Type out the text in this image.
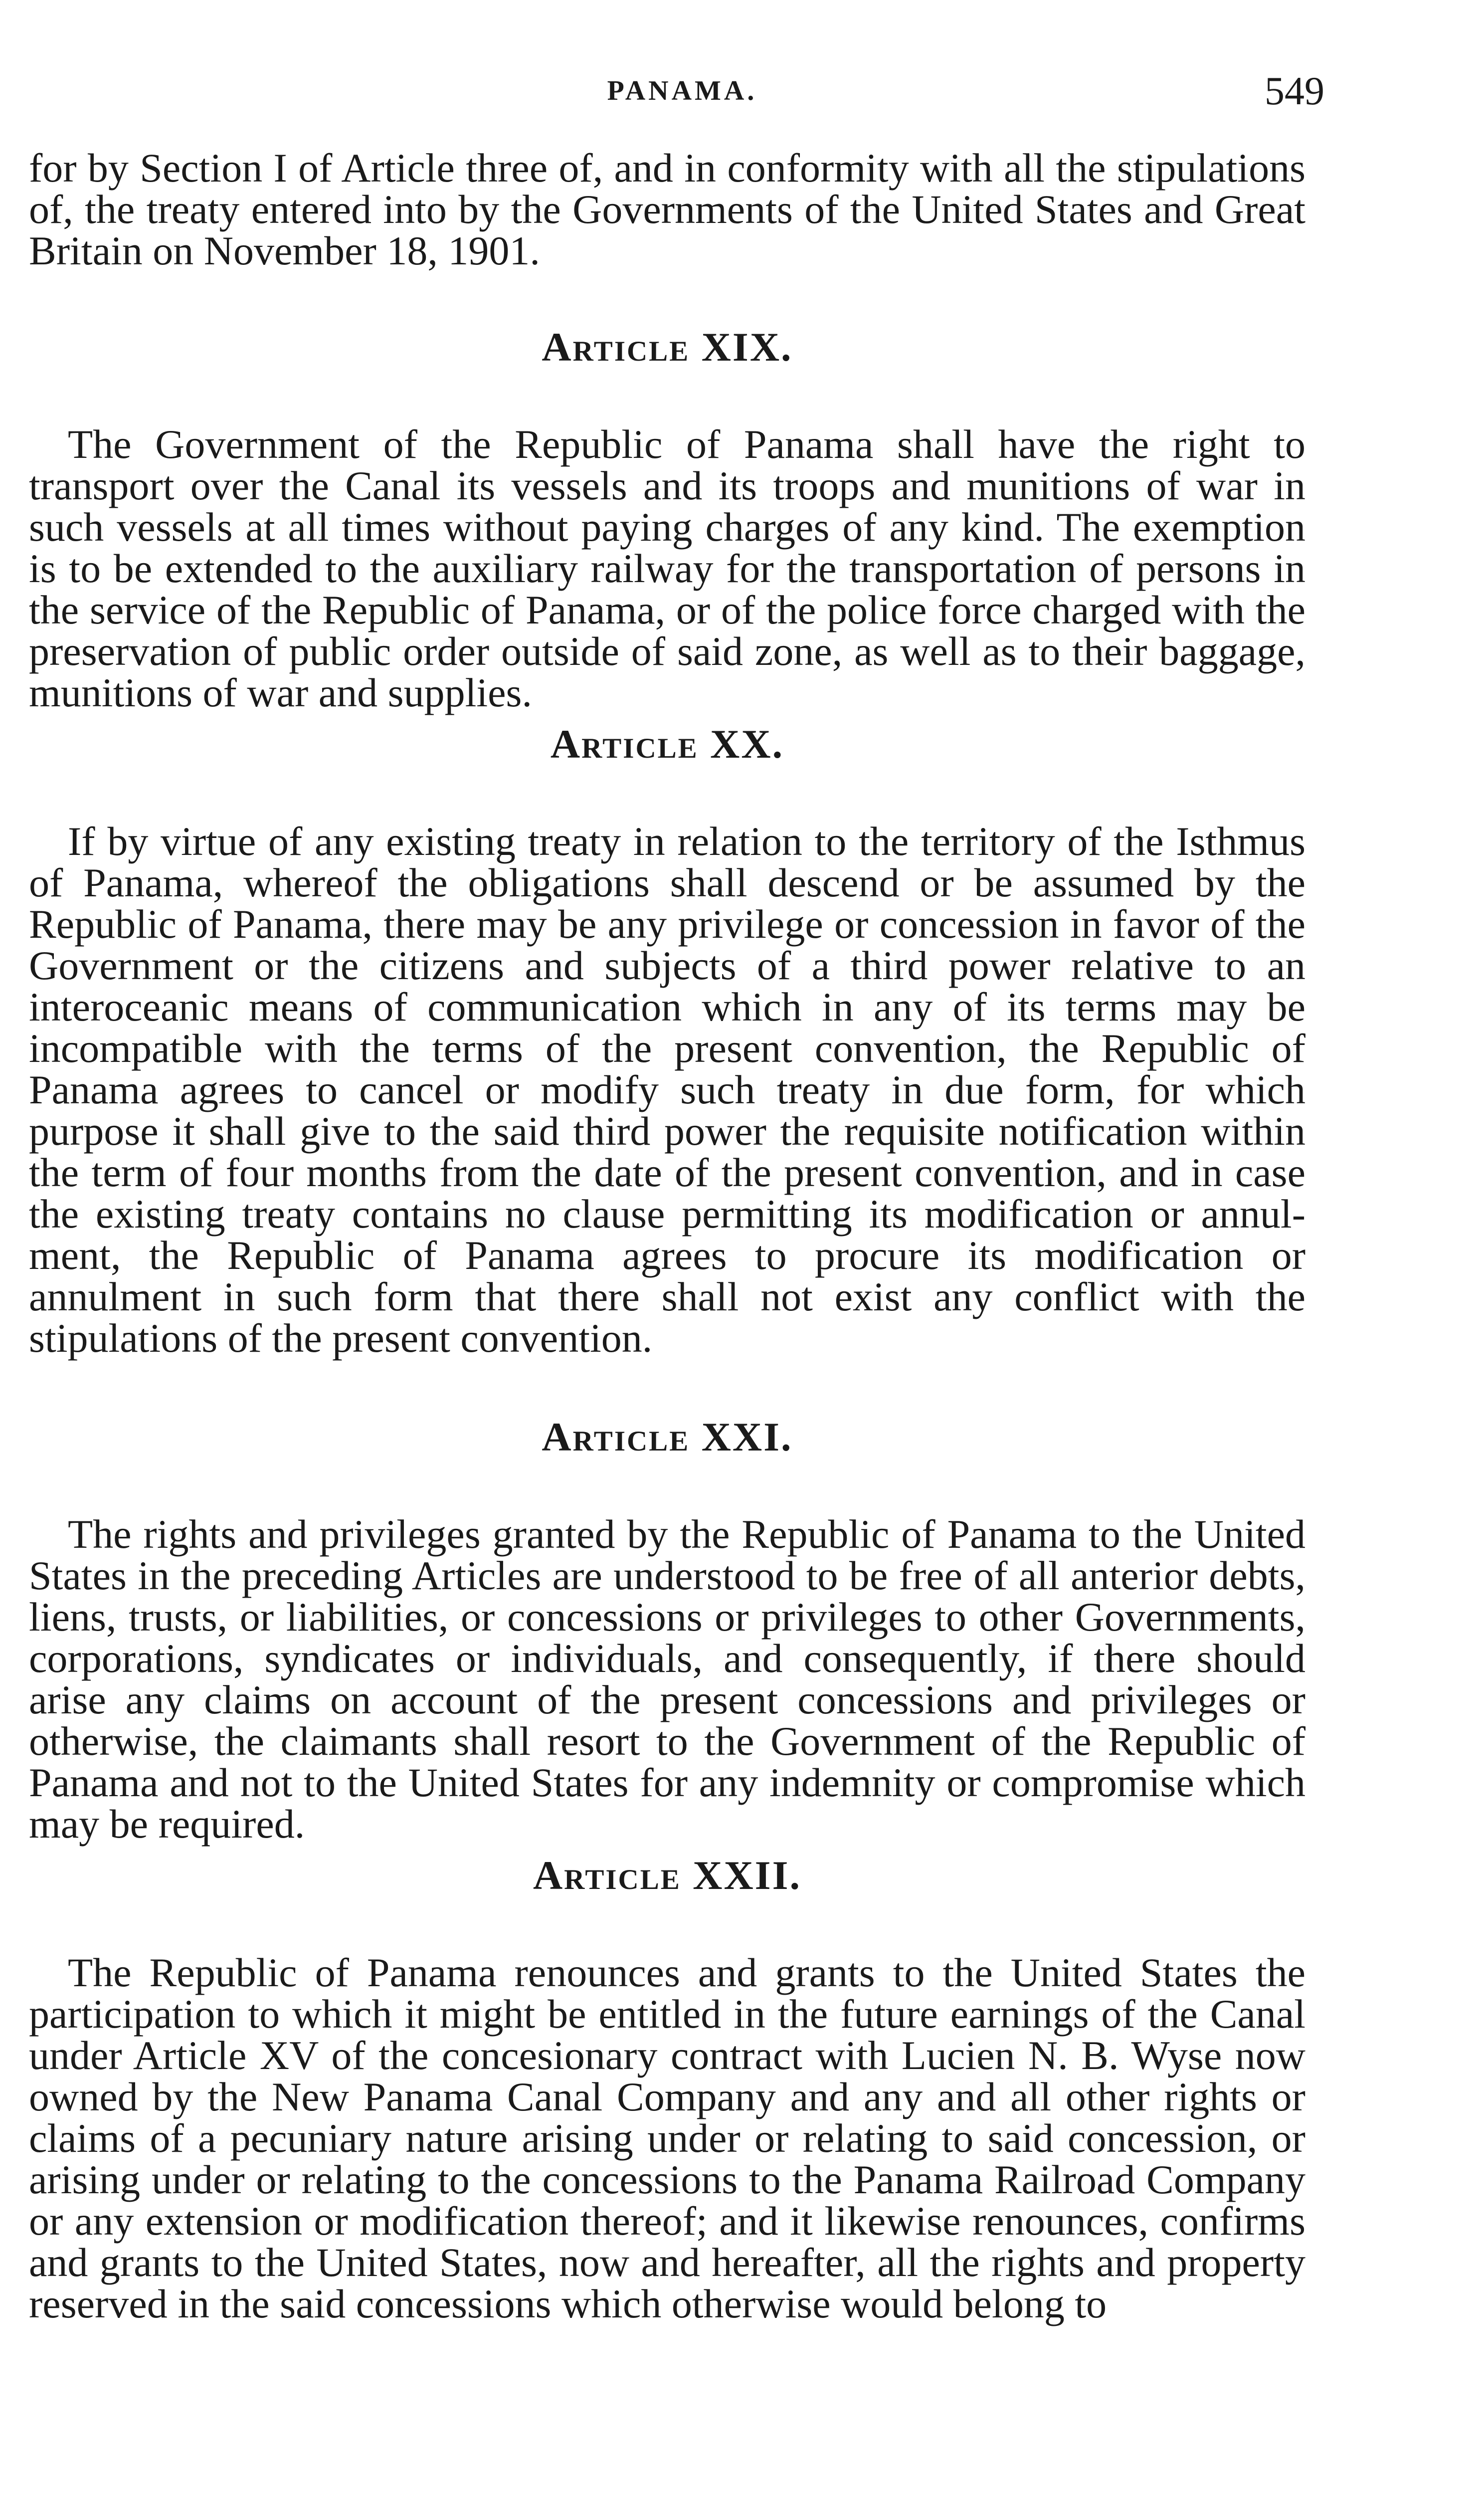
PANAMA.	549

for by Section I of Article three of, and in conformity with all the stipulations of, the treaty entered into by the Governments of the United States and Great Britain on November 18, 1901.

Article XIX.

The Government of the Republic of Panama shall have the right to transport over the Canal its vessels and its troops and munitions of war in such vessels at all times without paying charges of any kind. The exemption is to be extended to the auxiliary railway for the transportation of persons in the service of the Republic of Panama, or of the police force charged with the preservation of public order outside of said zone, as well as to their baggage, munitions of war and supplies.

Article XX.

If by virtue of any existing treaty in relation to the territory of the Isthmus of Panama, whereof the obligations shall descend or be assumed by the Republic of Panama, there may be any privilege or concession in favor of the Government or the citizens and subjects of a third power relative to an interoceanic means of communication which in any of its terms may be incompatible with the terms of the present convention, the Republic of Panama agrees to cancel or modify such treaty in due form, for which purpose it shall give to the said third power the requisite notification within the term of four months from the date of the present convention, and in case the existing treaty contains no clause permitting its modification or annulment, the Republic of Panama agrees to procure its modification or annulment in such form that there shall not exist any conflict with the stipulations of the present convention.

Article XXI.

The rights and privileges granted by the Republic of Panama to the United States in the preceding Articles are understood to be free of all anterior debts, liens, trusts, or liabilities, or concessions or privileges to other Governments, corporations, syndicates or individuals, and consequently, if there should arise any claims on account of the present concessions and privileges or otherwise, the claimants shall resort to the Government of the Republic of Panama and not to the United States for any indemnity or compromise which may be required.

Article XXII.

The Republic of Panama renounces and grants to the United States the participation to which it might be entitled in the future earnings of the Canal under Article XV of the concesionary contract with Lucien N. B. Wyse now owned by the New Panama Canal Company and any and all other rights or claims of a pecuniary nature arising under or relating to said concession, or arising under or relating to the concessions to the Panama Railroad Company or any extension or modification thereof; and it likewise renounces, confirms and grants to the United States, now and hereafter, all the rights and property reserved in the said concessions which otherwise would belong to
